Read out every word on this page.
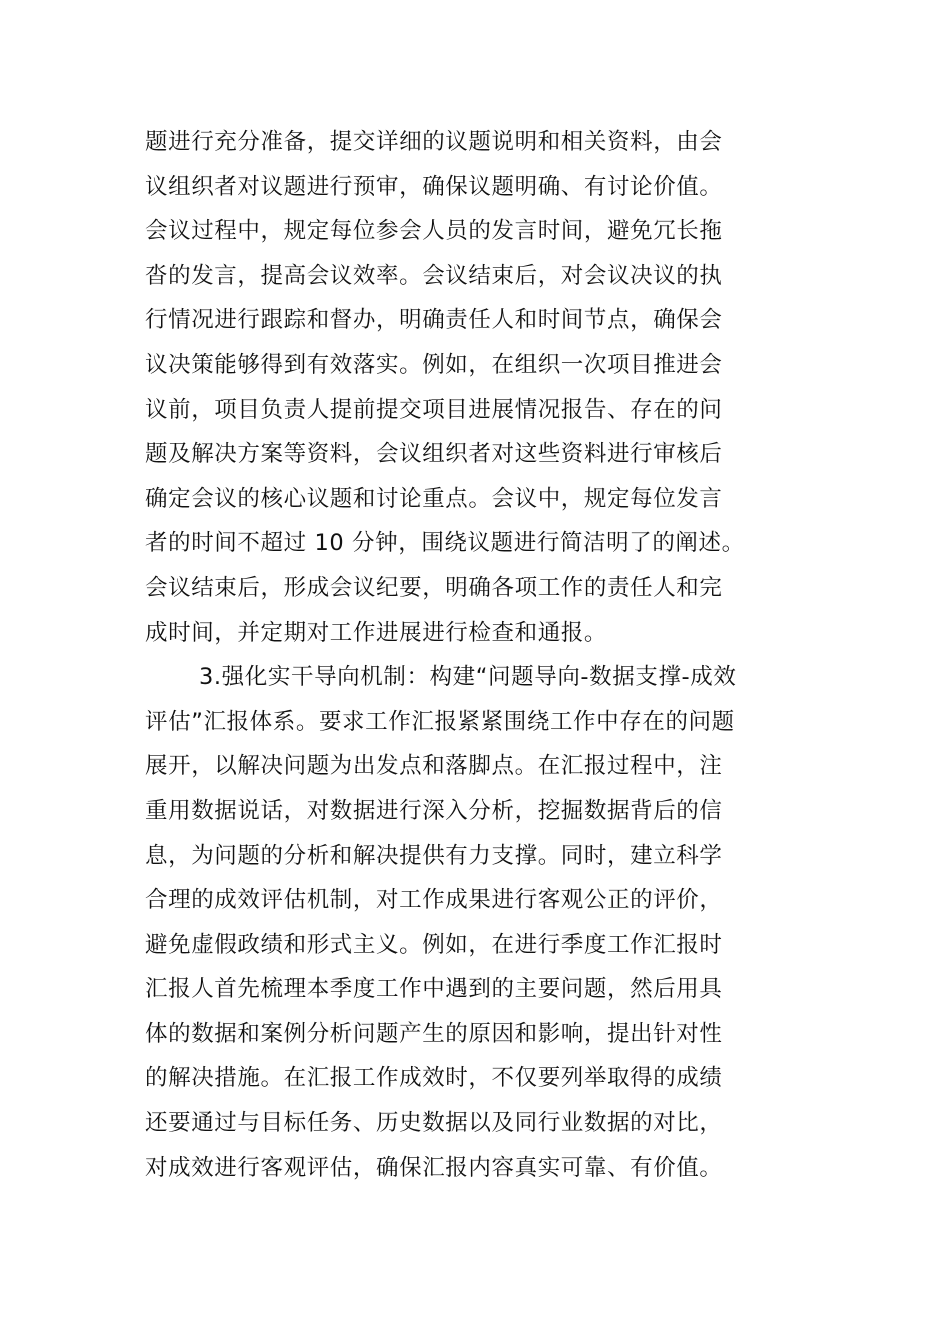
题进行充分准备，提交详细的议题说明和相关资料，由会
议组织者对议题进行预审，确保议题明确、有讨论价值。
会议过程中，规定每位参会人员的发言时间，避免冗长拖
沓的发言，提高会议效率。会议结束后，对会议决议的执
行情况进行跟踪和督办，明确责任人和时间节点，确保会
议决策能够得到有效落实。例如，在组织一次项目推进会
议前，项目负责人提前提交项目进展情况报告、存在的问
题及解决方案等资料，会议组织者对这些资料进行审核后
确定会议的核心议题和讨论重点。会议中，规定每位发言
者的时间不超过 10 分钟，围绕议题进行简洁明了的阐述。
会议结束后，形成会议纪要，明确各项工作的责任人和完
成时间，并定期对工作进展进行检查和通报。
3.强化实干导向机制：构建“问题导向-数据支撑-成效
评估”汇报体系。要求工作汇报紧紧围绕工作中存在的问题
展开，以解决问题为出发点和落脚点。在汇报过程中，注
重用数据说话，对数据进行深入分析，挖掘数据背后的信
息，为问题的分析和解决提供有力支撑。同时，建立科学
合理的成效评估机制，对工作成果进行客观公正的评价，
避免虚假政绩和形式主义。例如，在进行季度工作汇报时
汇报人首先梳理本季度工作中遇到的主要问题，然后用具
体的数据和案例分析问题产生的原因和影响，提出针对性
的解决措施。在汇报工作成效时，不仅要列举取得的成绩
还要通过与目标任务、历史数据以及同行业数据的对比，
对成效进行客观评估，确保汇报内容真实可靠、有价值。
